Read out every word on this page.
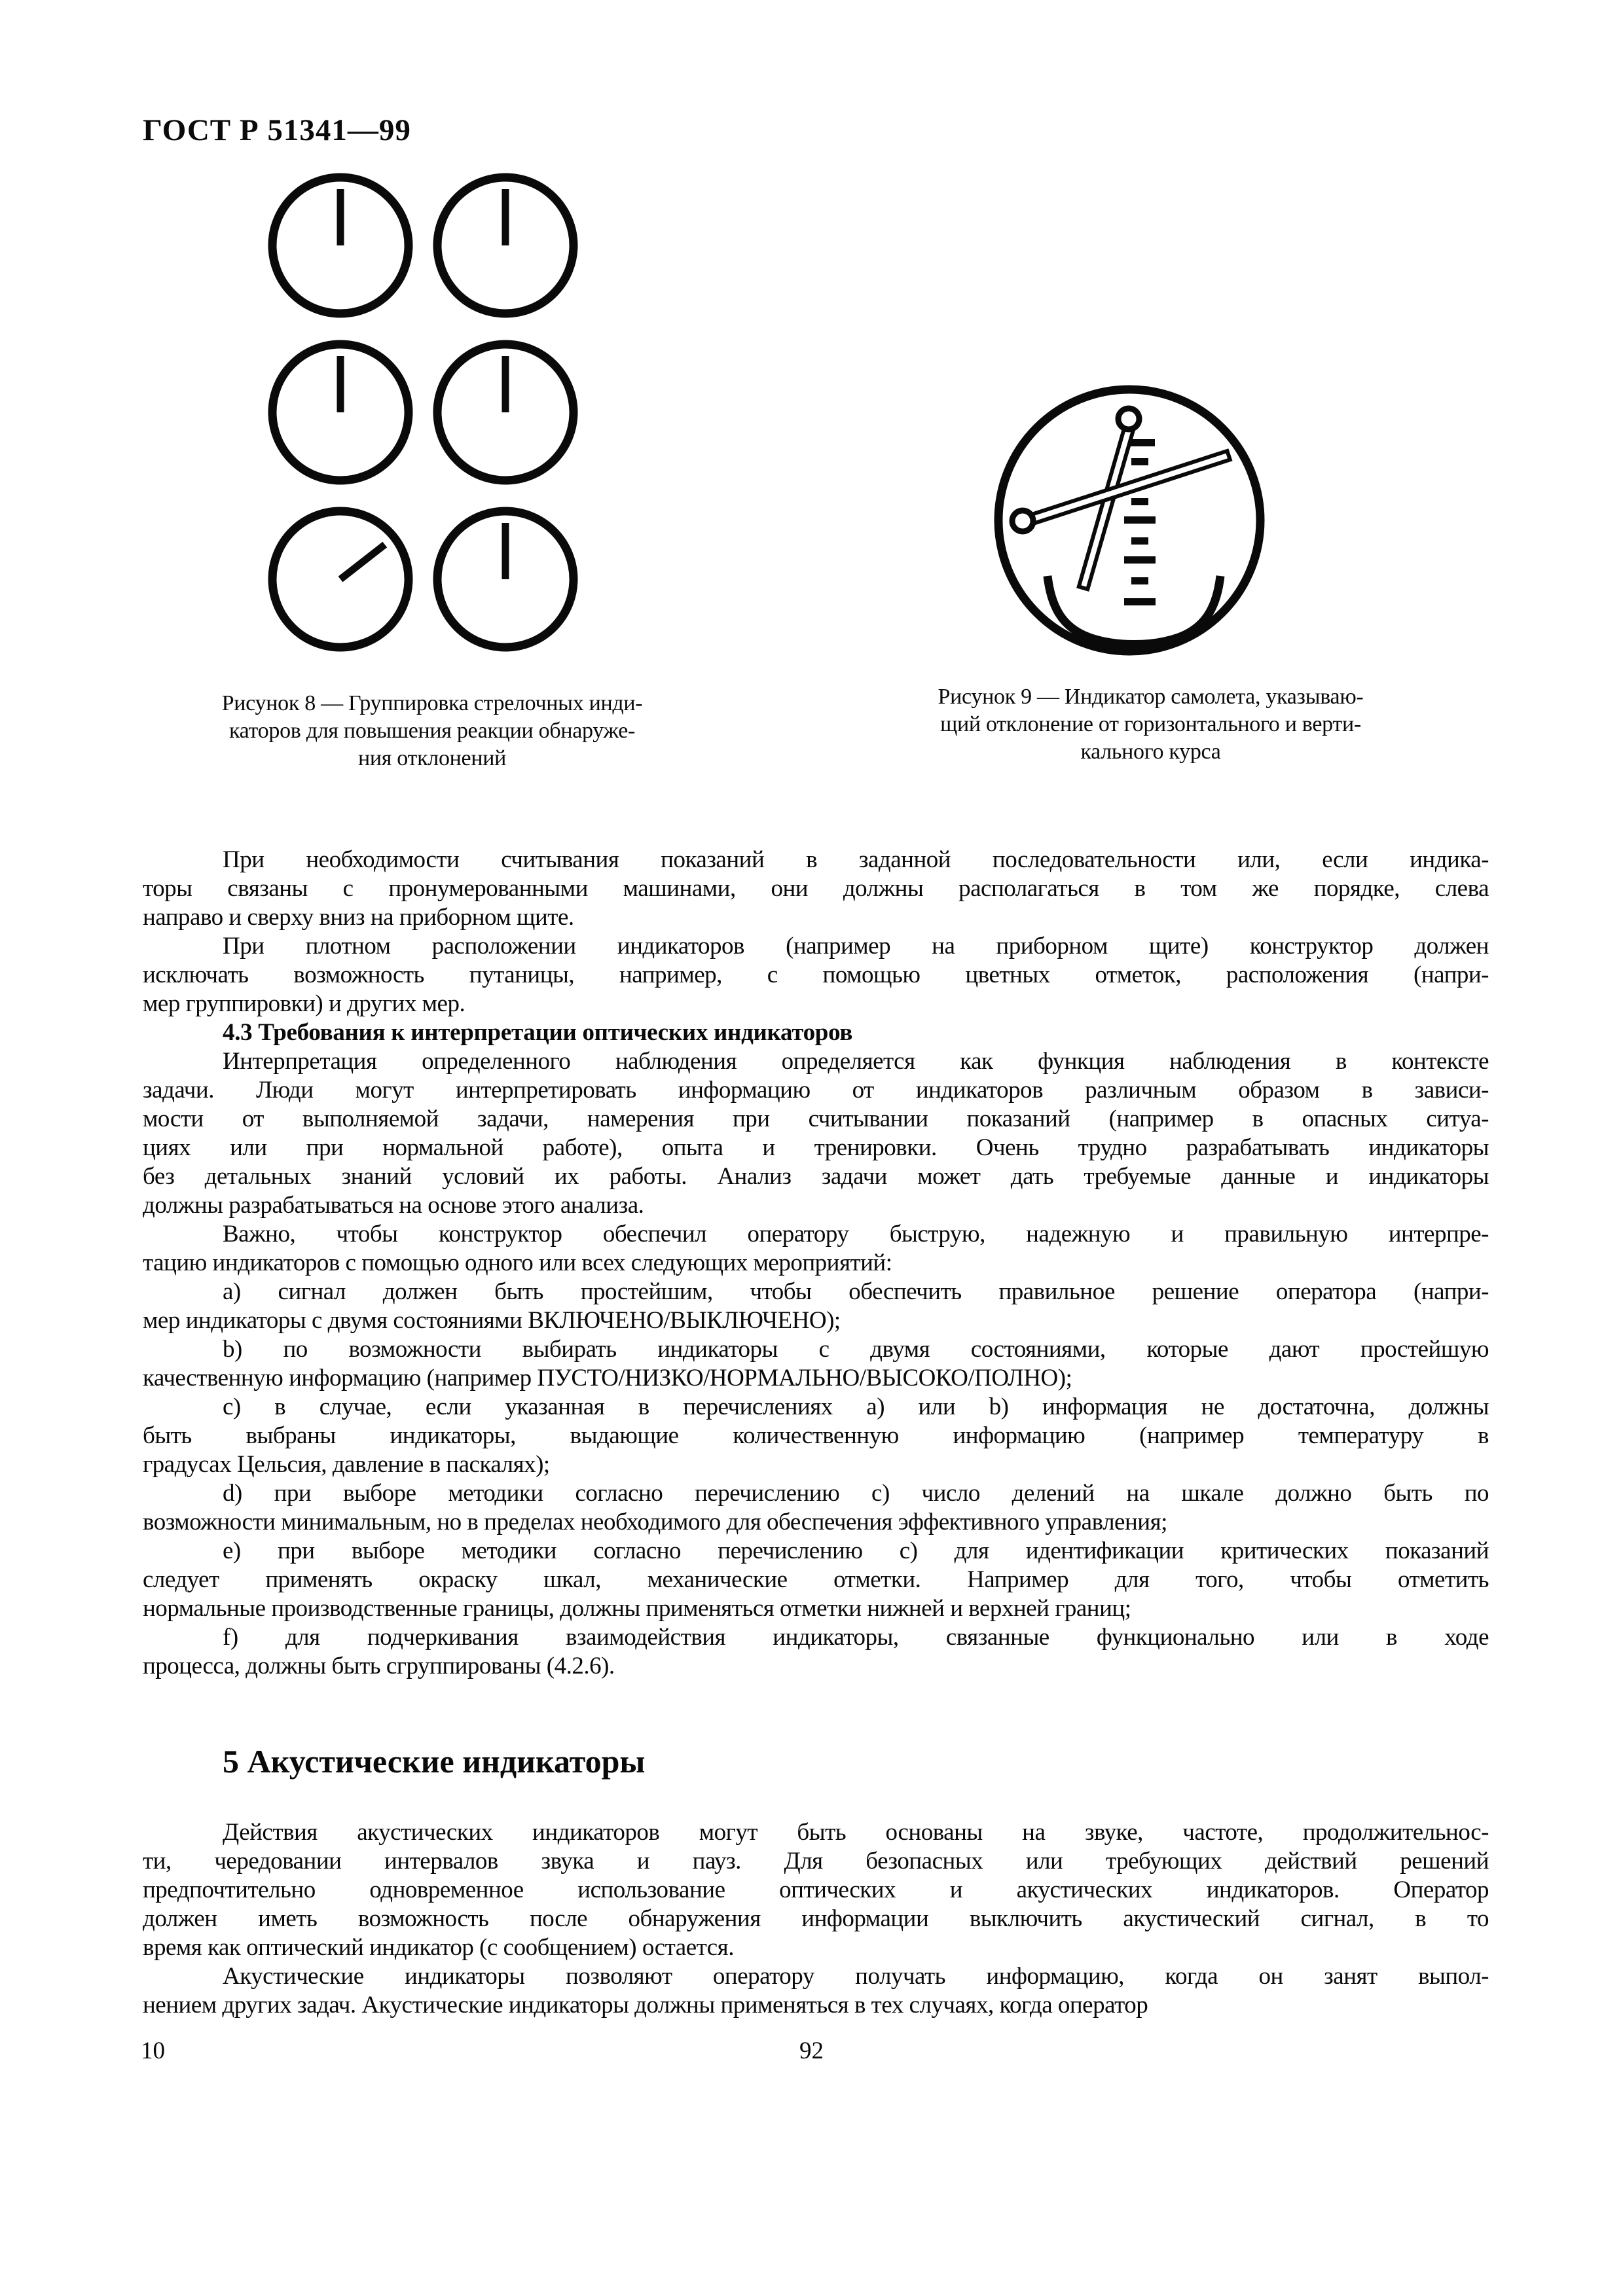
ГОСТ Р 51341—99
Рисунок 8 — Группировка стрелочных инди-
каторов для повышения реакции обнаруже-
ния отклонений
Рисунок 9 — Индикатор самолета, указываю-
щий отклонение от горизонтального и верти-
кального курса
При необходимости считывания показаний в заданной последовательности или, если индика-
торы связаны с пронумерованными машинами, они должны располагаться в том же порядке, слева
направо и сверху вниз на приборном щите.
При плотном расположении индикаторов (например на приборном щите) конструктор должен
исключать возможность путаницы, например, с помощью цветных отметок, расположения (напри-
мер группировки) и других мер.
4.3 Требования к интерпретации оптических индикаторов
Интерпретация определенного наблюдения определяется как функция наблюдения в контексте
задачи. Люди могут интерпретировать информацию от индикаторов различным образом в зависи-
мости от выполняемой задачи, намерения при считывании показаний (например в опасных ситуа-
циях или при нормальной работе), опыта и тренировки. Очень трудно разрабатывать индикаторы
без детальных знаний условий их работы. Анализ задачи может дать требуемые данные и индикаторы
должны разрабатываться на основе этого анализа.
Важно, чтобы конструктор обеспечил оператору быструю, надежную и правильную интерпре-
тацию индикаторов с помощью одного или всех следующих мероприятий:
a) сигнал должен быть простейшим, чтобы обеспечить правильное решение оператора (напри-
мер индикаторы с двумя состояниями ВКЛЮЧЕНО/ВЫКЛЮЧЕНО);
b) по возможности выбирать индикаторы с двумя состояниями, которые дают простейшую
качественную информацию (например ПУСТО/НИЗКО/НОРМАЛЬНО/ВЫСОКО/ПОЛНО);
c) в случае, если указанная в перечислениях a) или b) информация не достаточна, должны
быть выбраны индикаторы, выдающие количественную информацию (например температуру в
градусах Цельсия, давление в паскалях);
d) при выборе методики согласно перечислению c) число делений на шкале должно быть по
возможности минимальным, но в пределах необходимого для обеспечения эффективного управления;
e) при выборе методики согласно перечислению c) для идентификации критических показаний
следует применять окраску шкал, механические отметки. Например для того, чтобы отметить
нормальные производственные границы, должны применяться отметки нижней и верхней границ;
f) для подчеркивания взаимодействия индикаторы, связанные функционально или в ходе
процесса, должны быть сгруппированы (4.2.6).
5 Акустические индикаторы
Действия акустических индикаторов могут быть основаны на звуке, частоте, продолжительнос-
ти, чередовании интервалов звука и пауз. Для безопасных или требующих действий решений
предпочтительно одновременное использование оптических и акустических индикаторов. Оператор
должен иметь возможность после обнаружения информации выключить акустический сигнал, в то
время как оптический индикатор (с сообщением) остается.
Акустические индикаторы позволяют оператору получать информацию, когда он занят выпол-
нением других задач. Акустические индикаторы должны применяться в тех случаях, когда оператор
10	92
